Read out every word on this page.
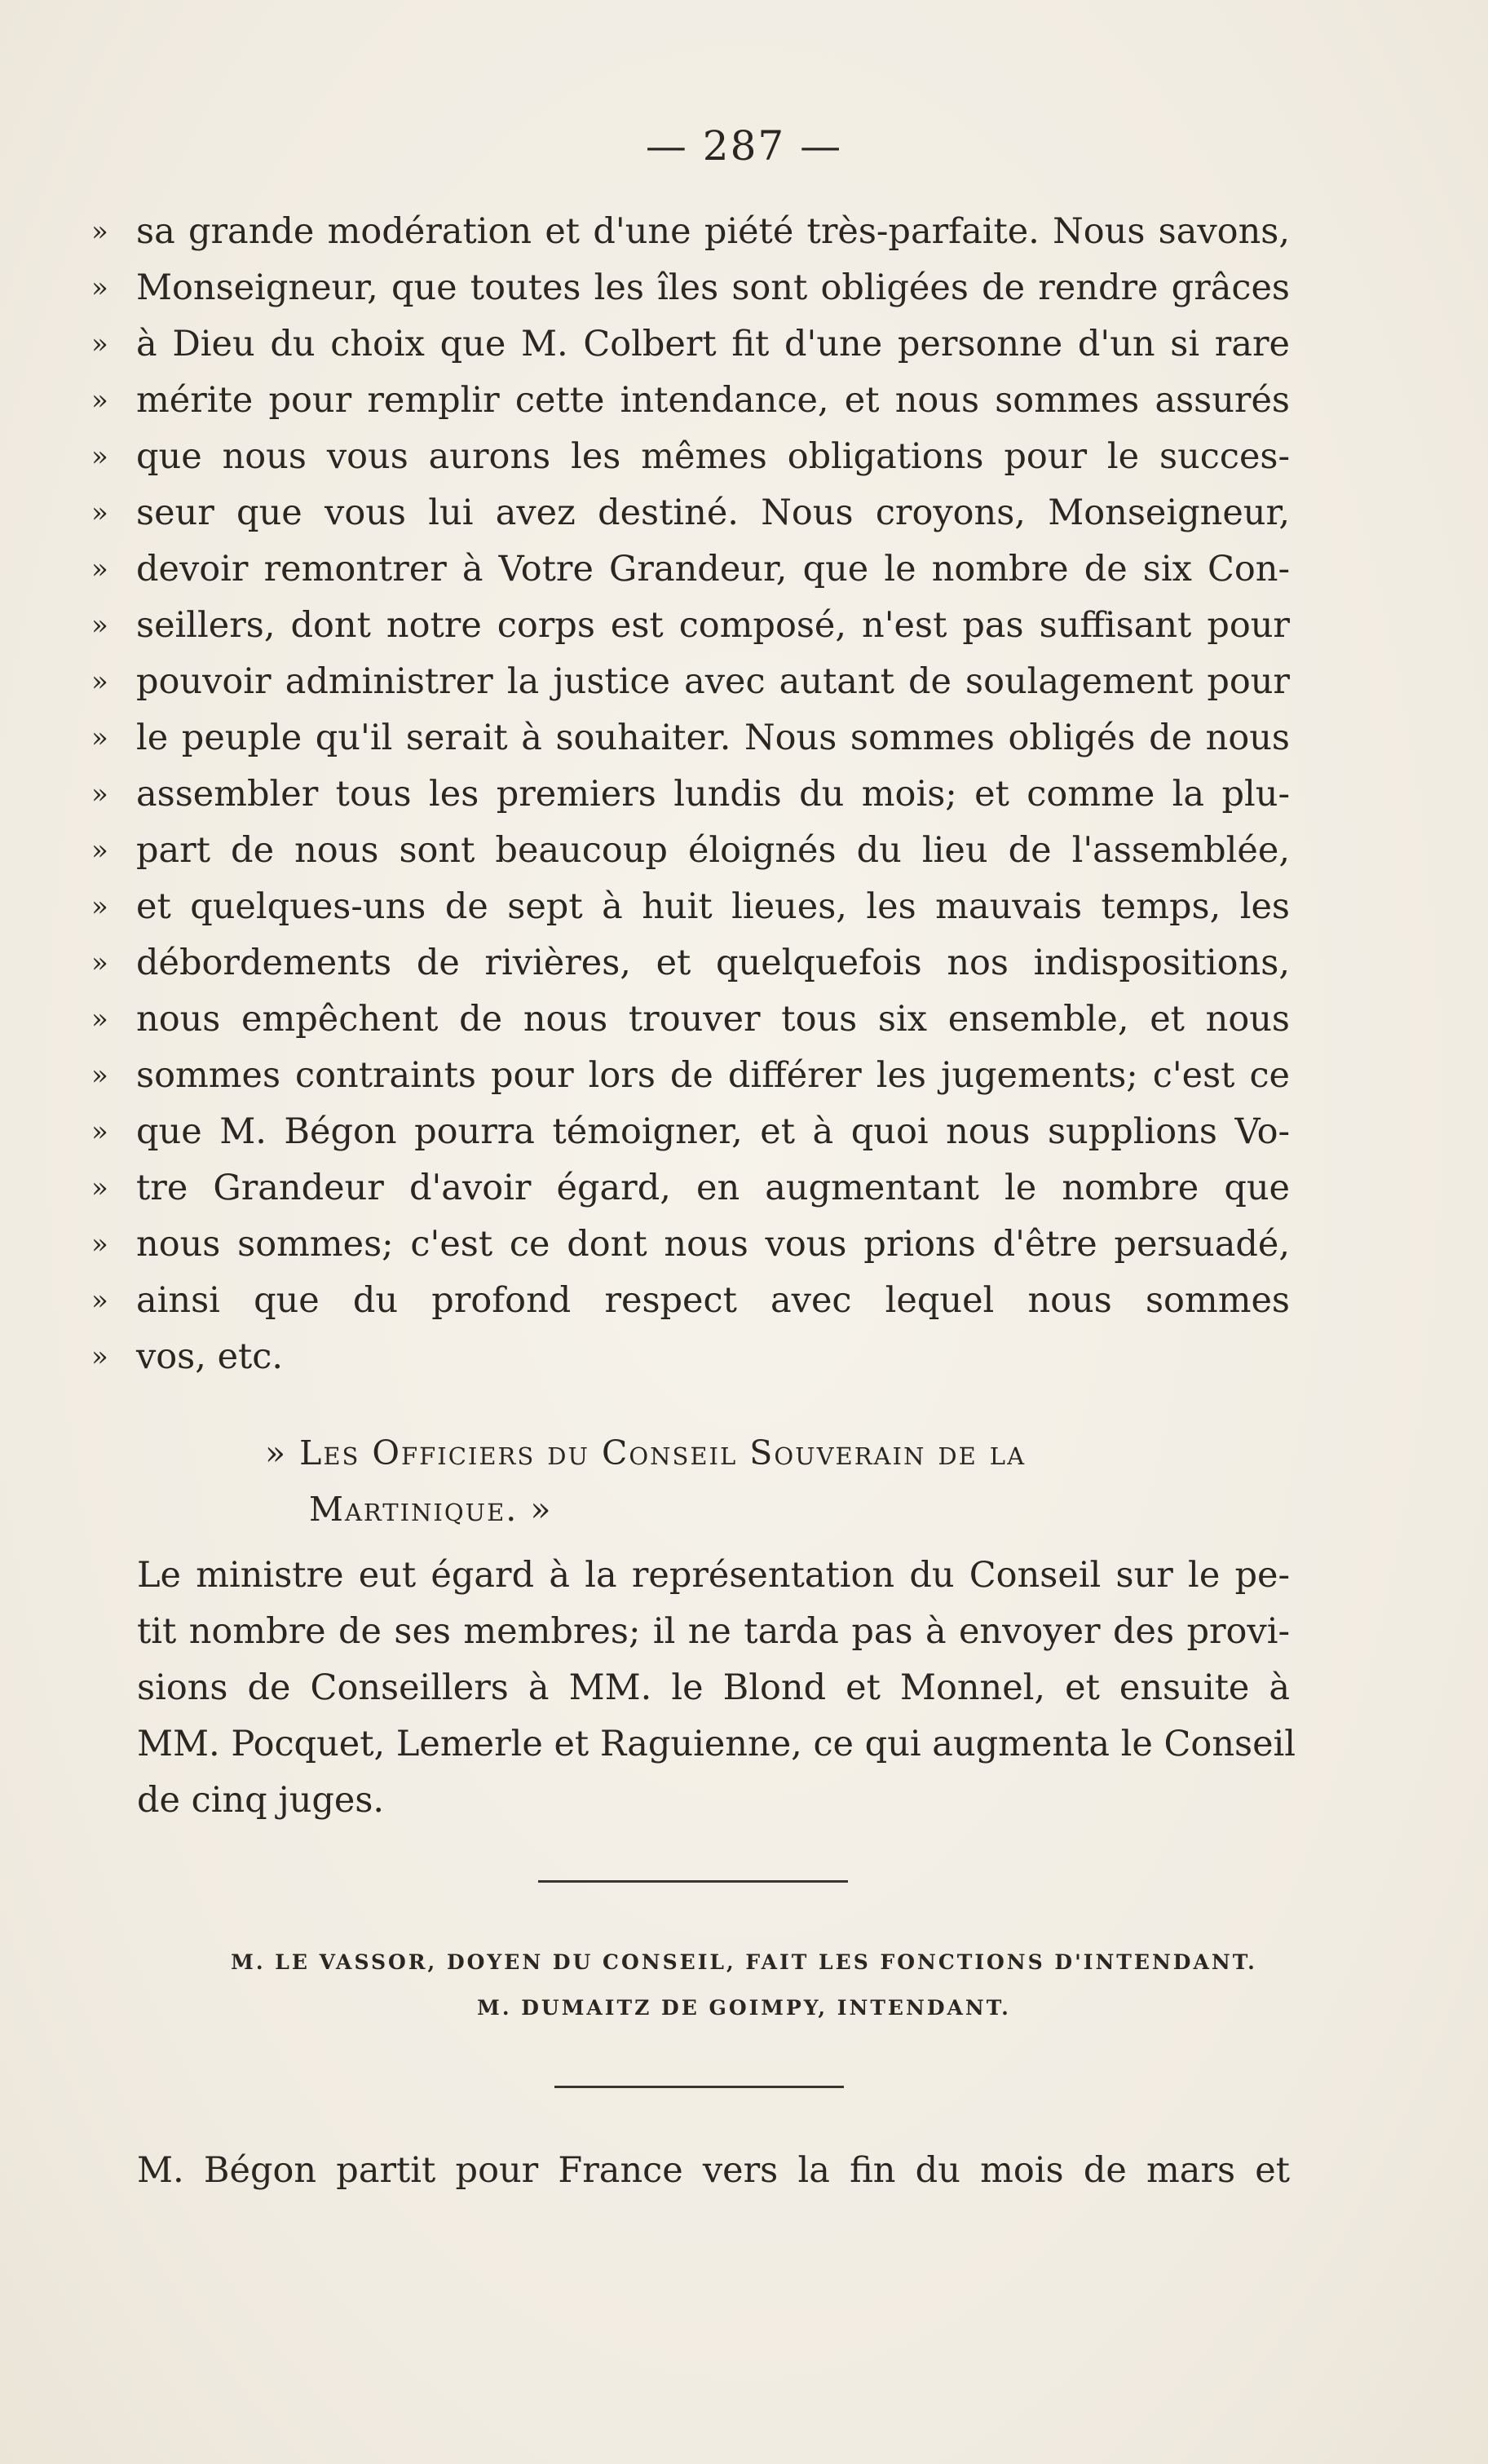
— 287 —
» sa grande modération et d'une piété très-parfaite. Nous savons,
» Monseigneur, que toutes les îles sont obligées de rendre grâces
» à Dieu du choix que M. Colbert fit d'une personne d'un si rare
» mérite pour remplir cette intendance, et nous sommes assurés
» que nous vous aurons les mêmes obligations pour le succes-
» seur que vous lui avez destiné. Nous croyons, Monseigneur,
» devoir remontrer à Votre Grandeur, que le nombre de six Con-
» seillers, dont notre corps est composé, n'est pas suffisant pour
» pouvoir administrer la justice avec autant de soulagement pour
» le peuple qu'il serait à souhaiter. Nous sommes obligés de nous
» assembler tous les premiers lundis du mois; et comme la plu-
» part de nous sont beaucoup éloignés du lieu de l'assemblée,
» et quelques-uns de sept à huit lieues, les mauvais temps, les
» débordements de rivières, et quelquefois nos indispositions,
» nous empêchent de nous trouver tous six ensemble, et nous
» sommes contraints pour lors de différer les jugements; c'est ce
» que M. Bégon pourra témoigner, et à quoi nous supplions Vo-
» tre Grandeur d'avoir égard, en augmentant le nombre que
» nous sommes; c'est ce dont nous vous prions d'être persuadé,
» ainsi que du profond respect avec lequel nous sommes
» vos, etc.
» Les Officiers du Conseil Souverain de la
Martinique. »
Le ministre eut égard à la représentation du Conseil sur le pe-
tit nombre de ses membres; il ne tarda pas à envoyer des provi-
sions de Conseillers à MM. le Blond et Monnel, et ensuite à
MM. Pocquet, Lemerle et Raguienne, ce qui augmenta le Conseil
de cinq juges.
M. LE VASSOR, DOYEN DU CONSEIL, FAIT LES FONCTIONS D'INTENDANT.
M. DUMAITZ DE GOIMPY, INTENDANT.
M. Bégon partit pour France vers la fin du mois de mars et
